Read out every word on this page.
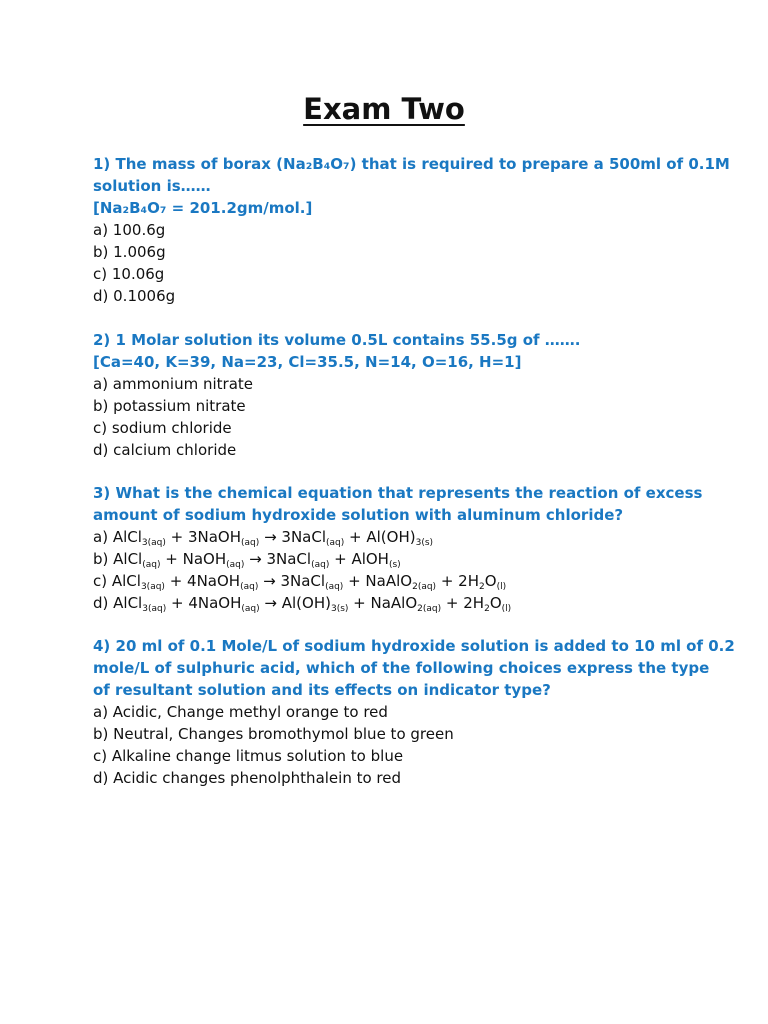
Exam Two
1) The mass of borax (Na₂B₄O₇) that is required to prepare a 500ml of 0.1M
solution is……
[Na₂B₄O₇ = 201.2gm/mol.]
a) 100.6g
b) 1.006g
c) 10.06g
d) 0.1006g
2) 1 Molar solution its volume 0.5L contains 55.5g of …….
[Ca=40, K=39, Na=23, Cl=35.5, N=14, O=16, H=1]
a) ammonium nitrate
b) potassium nitrate
c) sodium chloride
d) calcium chloride
3) What is the chemical equation that represents the reaction of excess
amount of sodium hydroxide solution with aluminum chloride?
a) AlCl$_{3(aq)}$ + 3NaOH$_{(aq)}$ → 3NaCl$_{(aq)}$ + $Al(OH)_{3(s)}$
b) AlCl$_{(aq)}$ + NaOH$_{(aq)}$ → 3NaCl$_{(aq)}$ + AlOH$_{(s)}$
c) AlCl$_{3(aq)}$ + 4NaOH$_{(aq)}$ → 3NaCl$_{(aq)}$ + NaAlO$_{2(aq)}$ + $2H_2O_{(l)}$
d) AlCl$_{3(aq)}$ + 4NaOH$_{(aq)}$ → $Al(OH)_{3(s)}$ + NaAlO$_{2(aq)}$ + $2H_2O_{(l)}$
4) 20 ml of 0.1 Mole/L of sodium hydroxide solution is added to 10 ml of 0.2
mole/L of sulphuric acid, which of the following choices express the type
of resultant solution and its effects on indicator type?
a) Acidic, Change methyl orange to red
b) Neutral, Changes bromothymol blue to green
c) Alkaline change litmus solution to blue
d) Acidic changes phenolphthalein to red
